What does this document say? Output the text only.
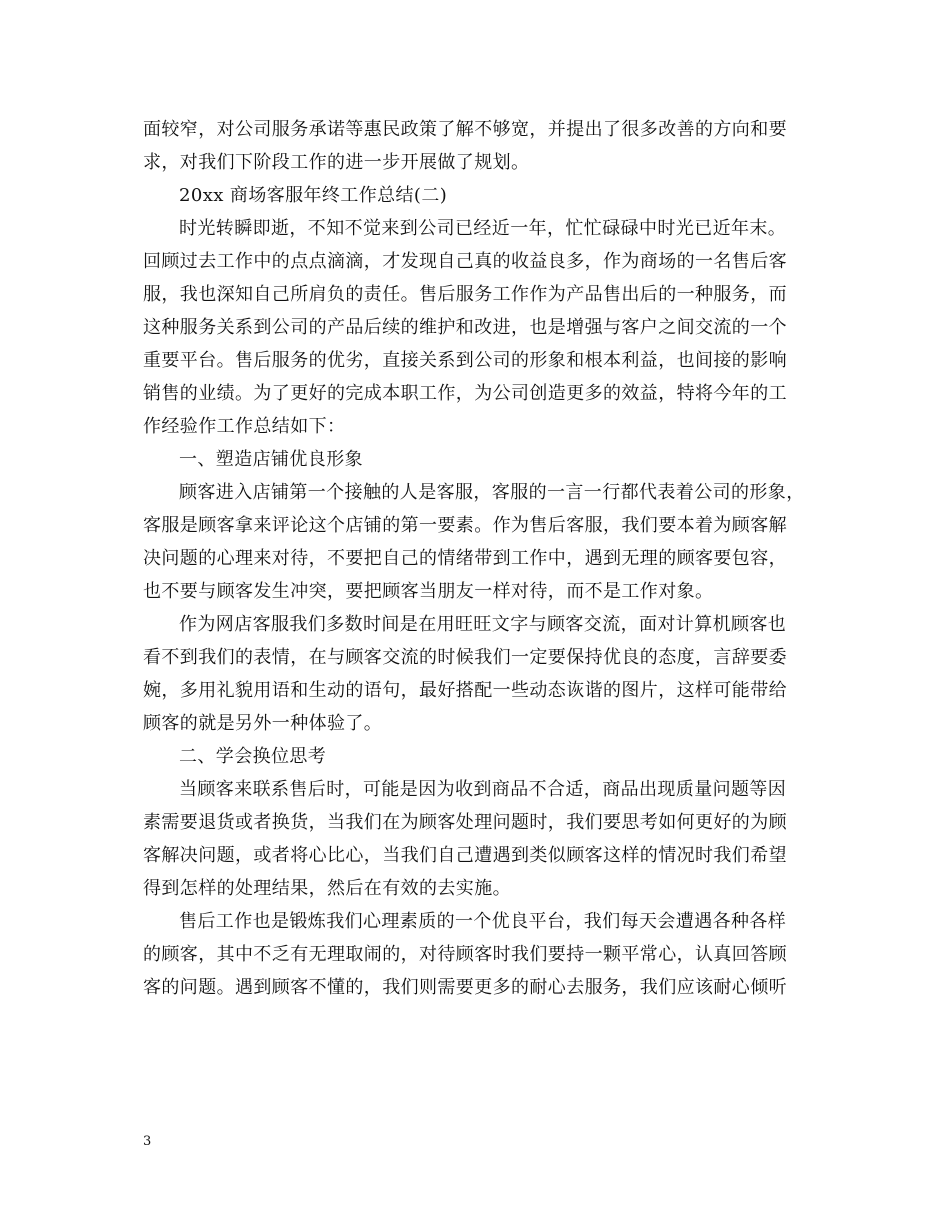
面较窄，对公司服务承诺等惠民政策了解不够宽，并提出了很多改善的方向和要
求，对我们下阶段工作的进一步开展做了规划。
20xx 商场客服年终工作总结(二)
时光转瞬即逝，不知不觉来到公司已经近一年，忙忙碌碌中时光已近年末。
回顾过去工作中的点点滴滴，才发现自己真的收益良多，作为商场的一名售后客
服，我也深知自己所肩负的责任。售后服务工作作为产品售出后的一种服务，而
这种服务关系到公司的产品后续的维护和改进，也是增强与客户之间交流的一个
重要平台。售后服务的优劣，直接关系到公司的形象和根本利益，也间接的影响
销售的业绩。为了更好的完成本职工作，为公司创造更多的效益，特将今年的工
作经验作工作总结如下：
一、塑造店铺优良形象
顾客进入店铺第一个接触的人是客服，客服的一言一行都代表着公司的形象，
客服是顾客拿来评论这个店铺的第一要素。作为售后客服，我们要本着为顾客解
决问题的心理来对待，不要把自己的情绪带到工作中，遇到无理的顾客要包容，
也不要与顾客发生冲突，要把顾客当朋友一样对待，而不是工作对象。
作为网店客服我们多数时间是在用旺旺文字与顾客交流，面对计算机顾客也
看不到我们的表情，在与顾客交流的时候我们一定要保持优良的态度，言辞要委
婉，多用礼貌用语和生动的语句，最好搭配一些动态诙谐的图片，这样可能带给
顾客的就是另外一种体验了。
二、学会换位思考
当顾客来联系售后时，可能是因为收到商品不合适，商品出现质量问题等因
素需要退货或者换货，当我们在为顾客处理问题时，我们要思考如何更好的为顾
客解决问题，或者将心比心，当我们自己遭遇到类似顾客这样的情况时我们希望
得到怎样的处理结果，然后在有效的去实施。
售后工作也是锻炼我们心理素质的一个优良平台，我们每天会遭遇各种各样
的顾客，其中不乏有无理取闹的，对待顾客时我们要持一颗平常心，认真回答顾
客的问题。遇到顾客不懂的，我们则需要更多的耐心去服务，我们应该耐心倾听
3
